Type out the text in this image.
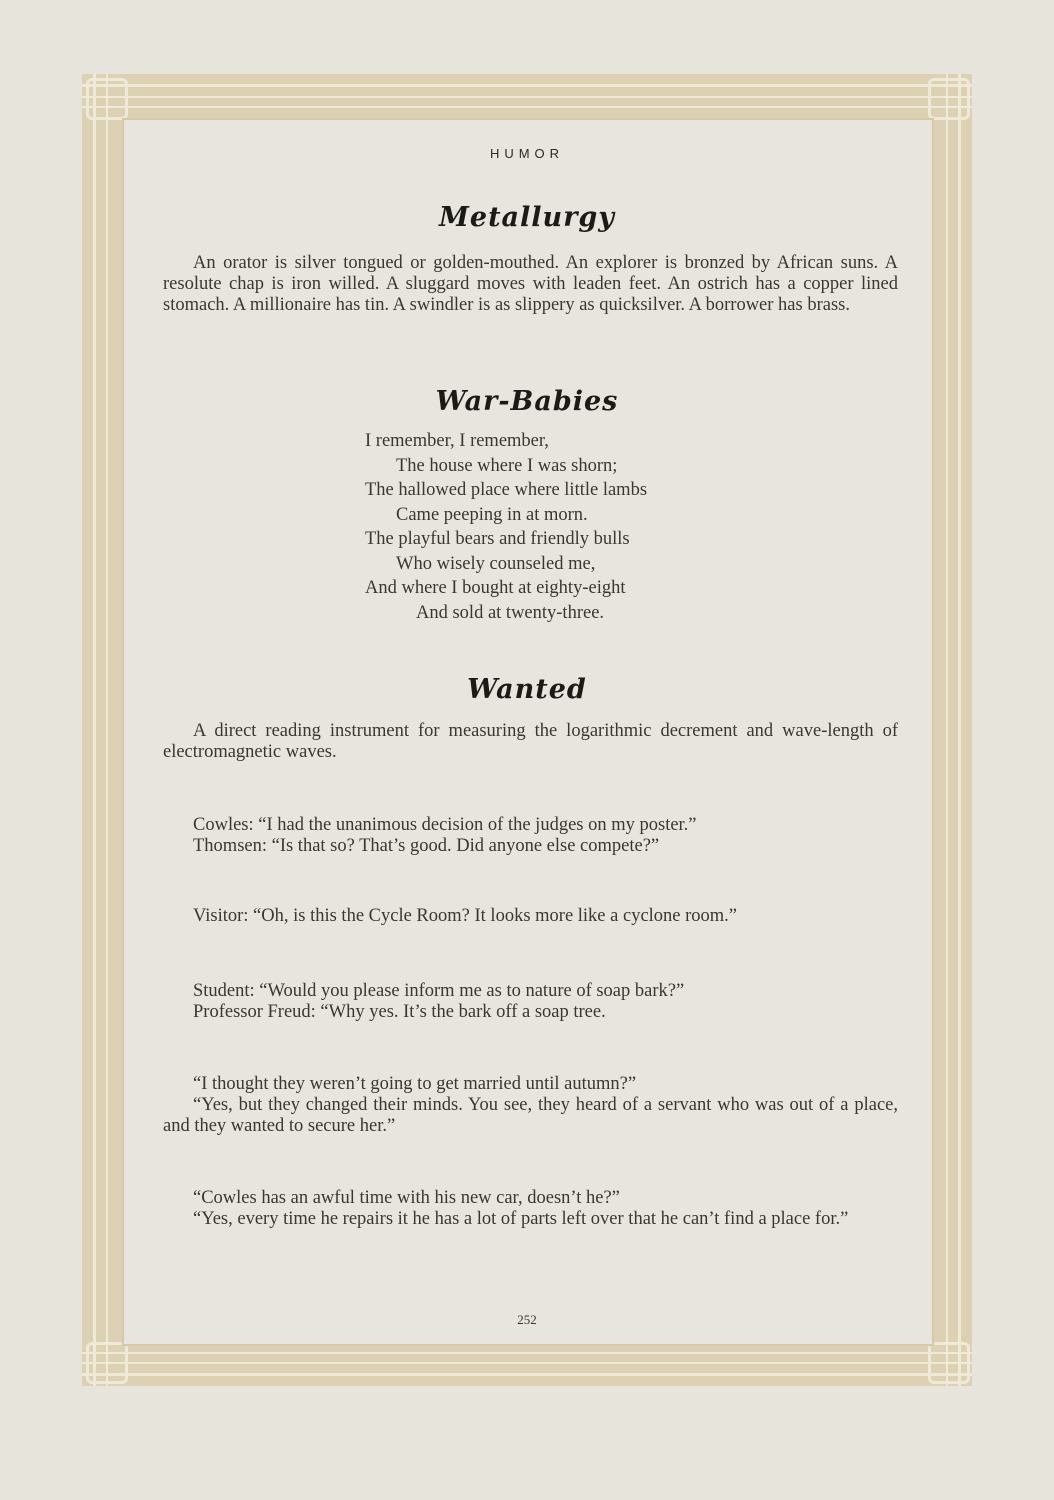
HUMOR
Metallurgy
An orator is silver tongued or golden-mouthed. An explorer is bronzed by African suns. A resolute chap is iron willed. A sluggard moves with leaden feet. An ostrich has a copper lined stomach. A millionaire has tin. A swindler is as slippery as quicksilver. A borrower has brass.
War-Babies
I remember, I remember,
The house where I was shorn;
The hallowed place where little lambs
Came peeping in at morn.
The playful bears and friendly bulls
Who wisely counseled me,
And where I bought at eighty-eight
And sold at twenty-three.
Wanted
A direct reading instrument for measuring the logarithmic decrement and wave-length of electromagnetic waves.
Cowles: “I had the unanimous decision of the judges on my poster.”
Thomsen: “Is that so? That’s good. Did anyone else compete?”
Visitor: “Oh, is this the Cycle Room? It looks more like a cyclone room.”
Student: “Would you please inform me as to nature of soap bark?”
Professor Freud: “Why yes. It’s the bark off a soap tree.
“I thought they weren’t going to get married until autumn?”
“Yes, but they changed their minds. You see, they heard of a servant who was out of a place, and they wanted to secure her.”
“Cowles has an awful time with his new car, doesn’t he?”
“Yes, every time he repairs it he has a lot of parts left over that he can’t find a place for.”
252
